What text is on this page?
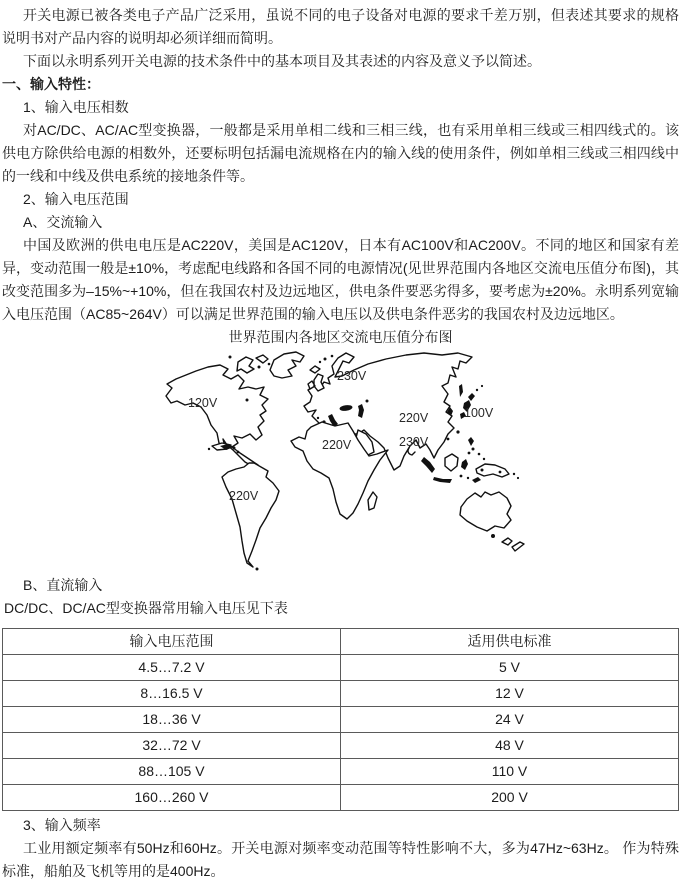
开关电源已被各类电子产品广泛采用，虽说不同的电子设备对电源的要求千差万别，但表述其要求的规格说明书对产品内容的说明却必须详细而简明。

下面以永明系列开关电源的技术条件中的基本项目及其表述的内容及意义予以简述。

一、输入特性：
1、输入电压相数

对AC/DC、AC/AC型变换器，一般都是采用单相二线和三相三线，也有采用单相三线或三相四线式的。该供电方除供给电源的相数外，还要标明包括漏电流规格在内的输入线的使用条件，例如单相三线或三相四线中的一线和中线及供电系统的接地条件等。

2、输入电压范围
A、交流输入

中国及欧洲的供电电压是AC220V，美国是AC120V，日本有AC100V和AC200V。不同的地区和国家有差异，变动范围一般是±10%，考虑配电线路和各国不同的电源情况(见世界范围内各地区交流电压值分布图)，其改变范围多为–15%~+10%，但在我国农村及边远地区，供电条件要恶劣得多，要考虑为±20%。永明系列宽输入电压范围（AC85~264V）可以满足世界范围的输入电压以及供电条件恶劣的我国农村及边远地区。

世界范围内各地区交流电压值分布图

120V
230V
220V	100V
220V	230V
220V
B、直流输入
DC/DC、DC/AC型变换器常用输入电压见下表
输入电压范围	适用供电标准
4.5…7.2 V	5 V
8…16.5 V	12 V
18…36 V	24 V
32…72 V	48 V
88…105 V	110 V
160…260 V	200 V
3、输入频率

工业用额定频率有50Hz和60Hz。开关电源对频率变动范围等特性影响不大，多为47Hz~63Hz。 作为特殊标准，船舶及飞机等用的是400Hz。
